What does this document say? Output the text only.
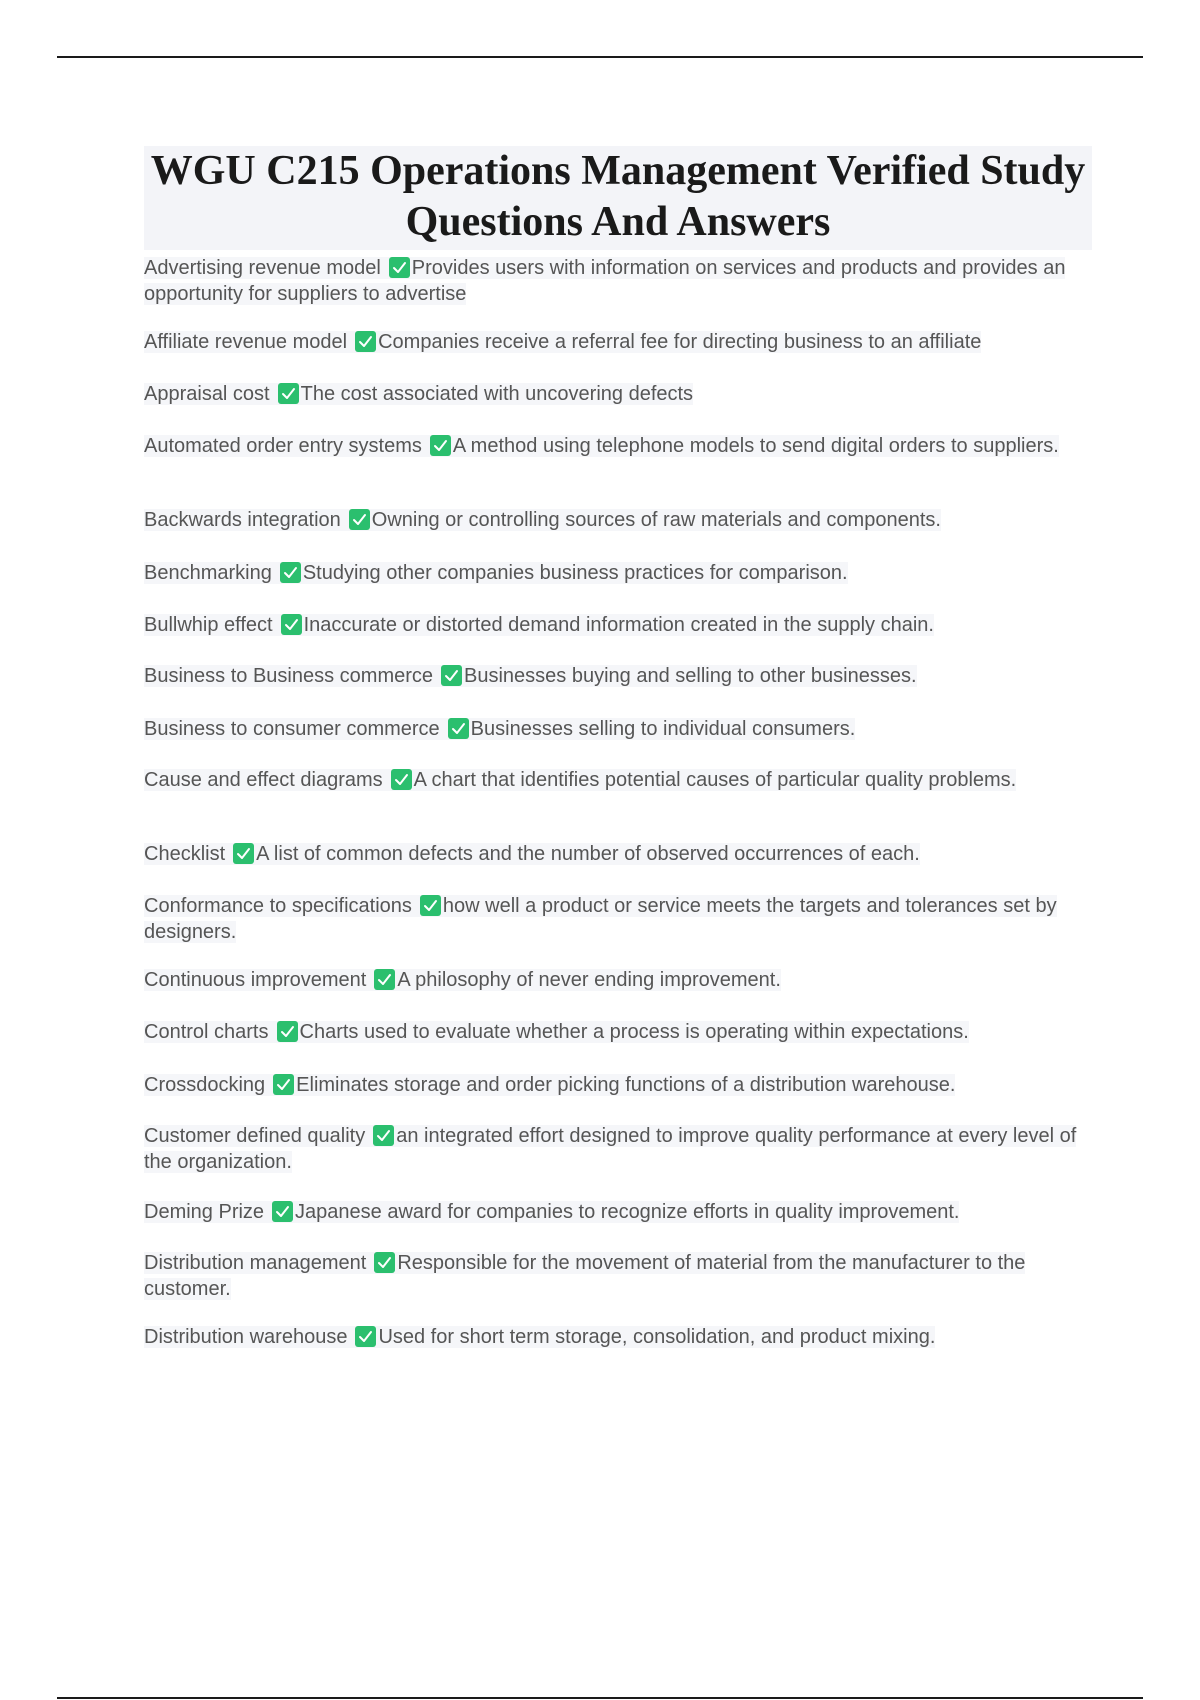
WGU C215 Operations Management Verified Study Questions And Answers
Advertising revenue model Provides users with information on services and products and provides an opportunity for suppliers to advertise
Affiliate revenue model Companies receive a referral fee for directing business to an affiliate
Appraisal cost The cost associated with uncovering defects
Automated order entry systems A method using telephone models to send digital orders to suppliers.
Backwards integration Owning or controlling sources of raw materials and components.
Benchmarking Studying other companies business practices for comparison.
Bullwhip effect Inaccurate or distorted demand information created in the supply chain.
Business to Business commerce Businesses buying and selling to other businesses.
Business to consumer commerce Businesses selling to individual consumers.
Cause and effect diagrams A chart that identifies potential causes of particular quality problems.
Checklist A list of common defects and the number of observed occurrences of each.
Conformance to specifications how well a product or service meets the targets and tolerances set by designers.
Continuous improvement A philosophy of never ending improvement.
Control charts Charts used to evaluate whether a process is operating within expectations.
Crossdocking Eliminates storage and order picking functions of a distribution warehouse.
Customer defined quality an integrated effort designed to improve quality performance at every level of the organization.
Deming Prize Japanese award for companies to recognize efforts in quality improvement.
Distribution management Responsible for the movement of material from the manufacturer to the customer.
Distribution warehouse Used for short term storage, consolidation, and product mixing.
